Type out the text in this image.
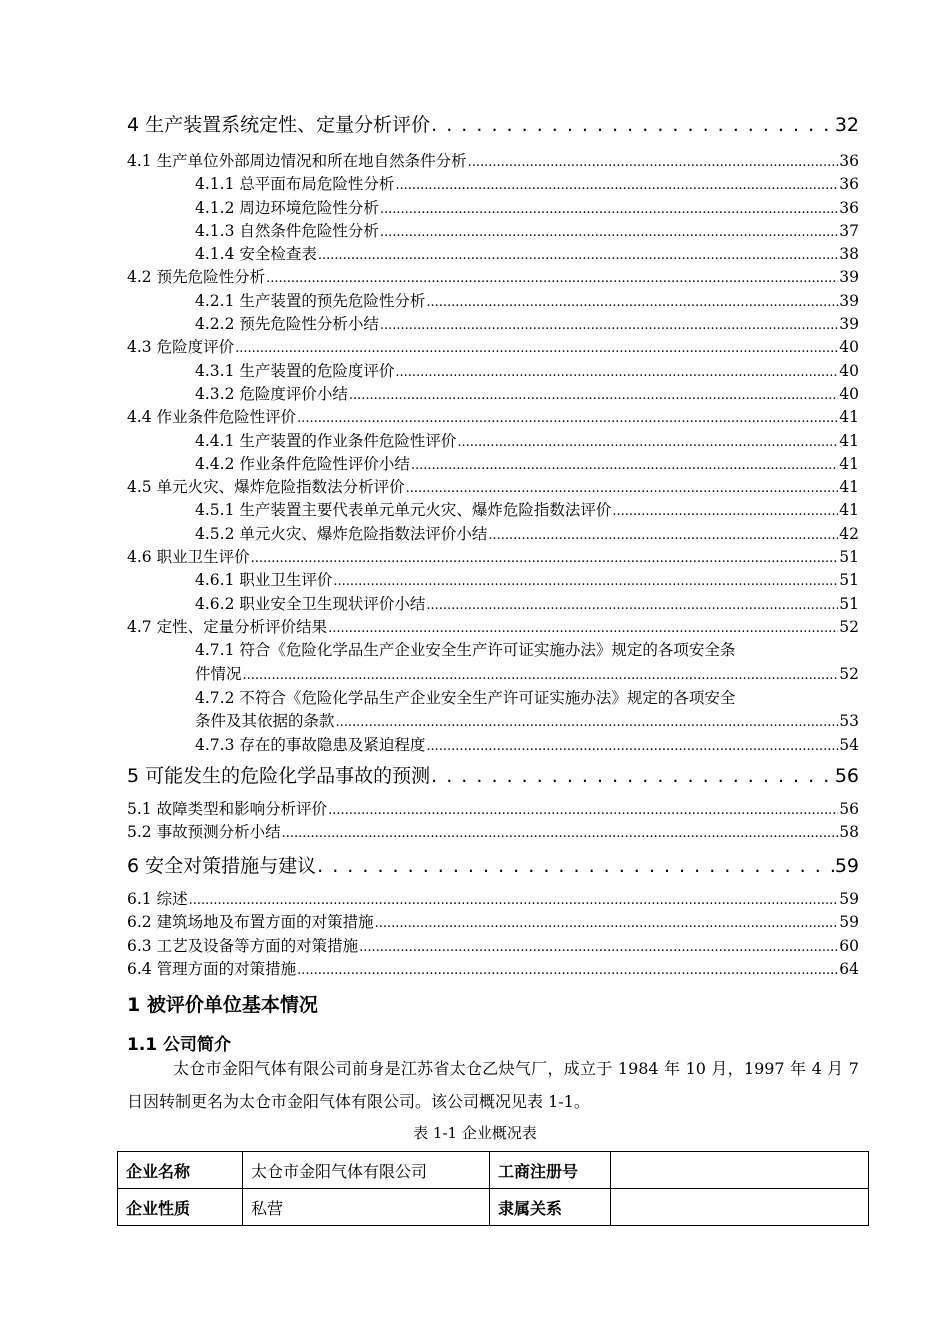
4 生产装置系统定性、定量分析评价 . . .	32
4.1 生产单位外部周边情况和所在地自然条件分析 .....	36
4.1.1 总平面布局危险性分析 .....	36
4.1.2 周边环境危险性分析 .....	36
4.1.3 自然条件危险性分析 .....	37
4.1.4 安全检查表 .....	38
4.2 预先危险性分析 .....	39
4.2.1 生产装置的预先危险性分析 .....	39
4.2.2 预先危险性分析小结 .....	39
4.3 危险度评价 .....	40
4.3.1 生产装置的危险度评价 .....	40
4.3.2 危险度评价小结 .....	40
4.4 作业条件危险性评价 .....	41
4.4.1 生产装置的作业条件危险性评价 .....	41
4.4.2 作业条件危险性评价小结 .....	41
4.5 单元火灾、爆炸危险指数法分析评价 .....	41
4.5.1 生产装置主要代表单元单元火灾、爆炸危险指数法评价 .....	41
4.5.2 单元火灾、爆炸危险指数法评价小结 .....	42
4.6 职业卫生评价 .....	51
4.6.1 职业卫生评价 .....	51
4.6.2 职业安全卫生现状评价小结 .....	51
4.7 定性、定量分析评价结果 .....	52
4.7.1 符合《危险化学品生产企业安全生产许可证实施办法》规定的各项安全条
件情况 .....	52
4.7.2 不符合《危险化学品生产企业安全生产许可证实施办法》规定的各项安全
条件及其依据的条款 .....	53
4.7.3 存在的事故隐患及紧迫程度 .....	54
5 可能发生的危险化学品事故的预测 . . .	56
5.1 故障类型和影响分析评价 .....	56
5.2 事故预测分析小结 .....	58
6 安全对策措施与建议 . . .	59
6.1 综述 .....	59
6.2 建筑场地及布置方面的对策措施 .....	59
6.3 工艺及设备等方面的对策措施 .....	60
6.4 管理方面的对策措施 .....	64
1 被评价单位基本情况
1.1 公司简介
太仓市金阳气体有限公司前身是江苏省太仓乙炔气厂，成立于 1984 年 10 月，1997 年 4 月 7 日因转制更名为太仓市金阳气体有限公司。该公司概况见表 1-1。
表 1-1 企业概况表
企业名称	太仓市金阳气体有限公司	工商注册号	
企业性质	私营	隶属关系	
